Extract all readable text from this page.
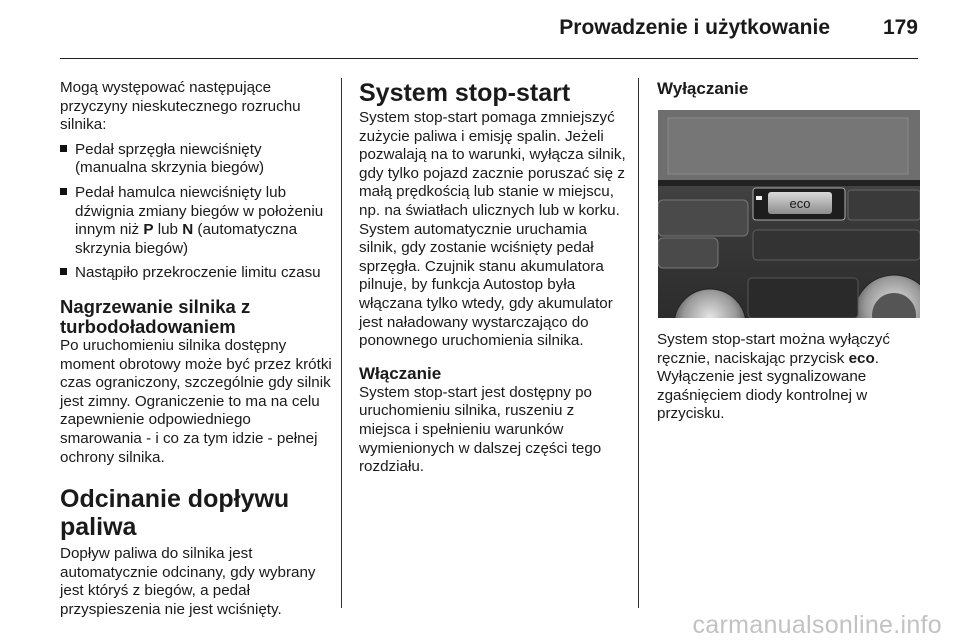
Prowadzenie i użytkowanie	179

Mogą występować następujące przyczyny nieskutecznego rozruchu silnika:

Pedał sprzęgła niewciśnięty (manualna skrzynia biegów)
Pedał hamulca niewciśnięty lub dźwignia zmiany biegów w położeniu innym niż P lub N (automatyczna skrzynia biegów)
Nastąpiło przekroczenie limitu czasu

Nagrzewanie silnika z turbodoładowaniem

Po uruchomieniu silnika dostępny moment obrotowy może być przez krótki czas ograniczony, szczególnie gdy silnik jest zimny. Ograniczenie to ma na celu zapewnienie odpowiedniego smarowania - i co za tym idzie - pełnej ochrony silnika.

Odcinanie dopływu paliwa

Dopływ paliwa do silnika jest automatycznie odcinany, gdy wybrany jest któryś z biegów, a pedał przyspieszenia nie jest wciśnięty.

System stop-start

System stop-start pomaga zmniejszyć zużycie paliwa i emisję spalin. Jeżeli pozwalają na to warunki, wyłącza silnik, gdy tylko pojazd zacznie poruszać się z małą prędkością lub stanie w miejscu, np. na światłach ulicznych lub w korku. System automatycznie uruchamia silnik, gdy zostanie wciśnięty pedał sprzęgła. Czujnik stanu akumulatora pilnuje, by funkcja Autostop była włączana tylko wtedy, gdy akumulator jest naładowany wystarczająco do ponownego uruchomienia silnika.

Włączanie

System stop-start jest dostępny po uruchomieniu silnika, ruszeniu z miejsca i spełnieniu warunków wymienionych w dalszej części tego rozdziału.

Wyłączanie
eco

System stop-start można wyłączyć ręcznie, naciskając przycisk eco. Wyłączenie jest sygnalizowane zgaśnięciem diody kontrolnej w przycisku.

carmanualsonline.info
